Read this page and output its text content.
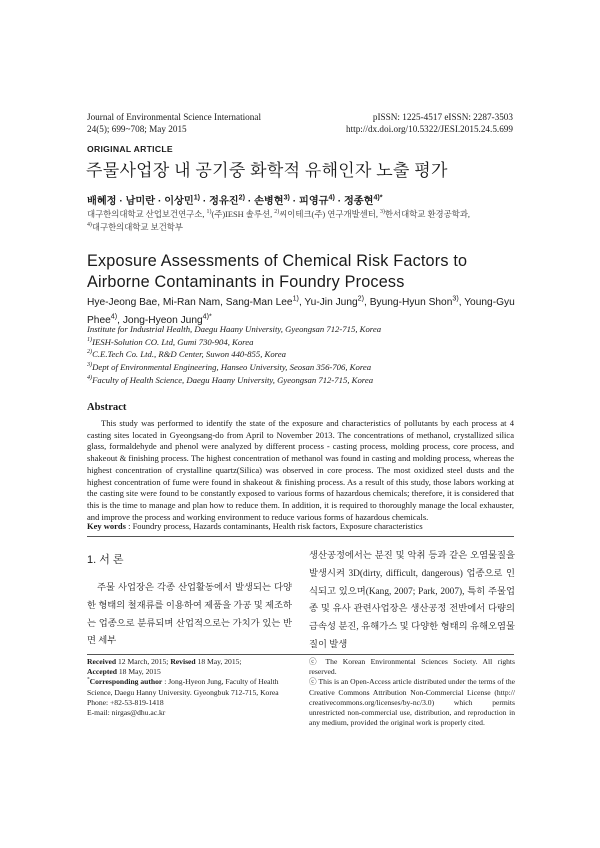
Journal of Environmental Science International
24(5); 699~708; May 2015
pISSN: 1225-4517 eISSN: 2287-3503
http://dx.doi.org/10.5322/JESI.2015.24.5.699
ORIGINAL ARTICLE
주물사업장 내 공기중 화학적 유해인자 노출 평가
배혜정 · 남미란 · 이상민$^{1)}$ · 정유진$^{2)}$ · 손병현$^{3)}$ · 피영규$^{4)}$ · 정종현$^{4)*}$
대구한의대학교 산업보건연구소, $^{1)}$(주)IESH 솔루션, $^{2)}$씨이테크(주) 연구개발센터, $^{3)}$한서대학교 환경공학과,
$^{4)}$대구한의대학교 보건학부
Exposure Assessments of Chemical Risk Factors to Airborne Contaminants in Foundry Process
Hye-Jeong Bae, Mi-Ran Nam, Sang-Man Lee$^{1)}$, Yu-Jin Jung$^{2)}$, Byung-Hyun Shon$^{3)}$, Young-Gyu Phee$^{4)}$, Jong-Hyeon Jung$^{4)*}$
Institute for Industrial Health, Daegu Haany University, Gyeongsan 712-715, Korea
$^{1)}$IESH-Solution CO. Ltd, Gumi 730-904, Korea
$^{2)}$C.E.Tech Co. Ltd., R&D Center, Suwon 440-855, Korea
$^{3)}$Dept of Environmental Engineering, Hanseo University, Seosan 356-706, Korea
$^{4)}$Faculty of Health Science, Daegu Haany University, Gyeongsan 712-715, Korea
Abstract
This study was performed to identify the state of the exposure and characteristics of pollutants by each process at 4 casting sites located in Gyeongsang-do from April to November 2013. The concentrations of methanol, crystallized silica glass, formaldehyde and phenol were analyzed by different process - casting process, molding process, core process, and shakeout & finishing process. The highest concentration of methanol was found in casting and molding process, whereas the highest concentration of crystalline quartz(Silica) was observed in core process. The most oxidized steel dusts and the highest concentration of fume were found in shakeout & finishing process. As a result of this study, those labors working at the casting site were found to be constantly exposed to various forms of hazardous chemicals; therefore, it is considered that this is the time to manage and plan how to reduce them. In addition, it is required to thoroughly manage the local exhauster, and improve the process and working environment to reduce various forms of hazardous chemicals.
Key words : Foundry process, Hazards contaminants, Health risk factors, Exposure characteristics
1. 서 론
주물 사업장은 각종 산업활동에서 발생되는 다양한 형태의 철재류를 이용하여 제품을 가공 및 제조하는 업종으로 분류되며 산업적으로는 가치가 있는 반면 세부
생산공정에서는 분진 및 악취 등과 같은 오염물질을 발생시켜 3D(dirty, difficult, dangerous) 업종으로 인식되고 있으며(Kang, 2007; Park, 2007), 특히 주물업종 및 유사 관련사업장은 생산공정 전반에서 다량의 금속성 분진, 유해가스 및 다양한 형태의 유해오염물질이 발생
Received 12 March, 2015; Revised 18 May, 2015;
Accepted 18 May, 2015
*Corresponding author : Jong-Hyeon Jung, Faculty of Health Science, Daegu Hanny University. Gyeongbuk 712-715, Korea
Phone: +82-53-819-1418
E-mail: nirgas@dhu.ac.kr
ⓒ The Korean Environmental Sciences Society. All rights reserved.
ⓒ This is an Open-Access article distributed under the terms of the Creative Commons Attribution Non-Commercial License (http:// creativecommons.org/licenses/by-nc/3.0) which permits unrestricted non-commercial use, distribution, and reproduction in any medium, provided the original work is properly cited.
